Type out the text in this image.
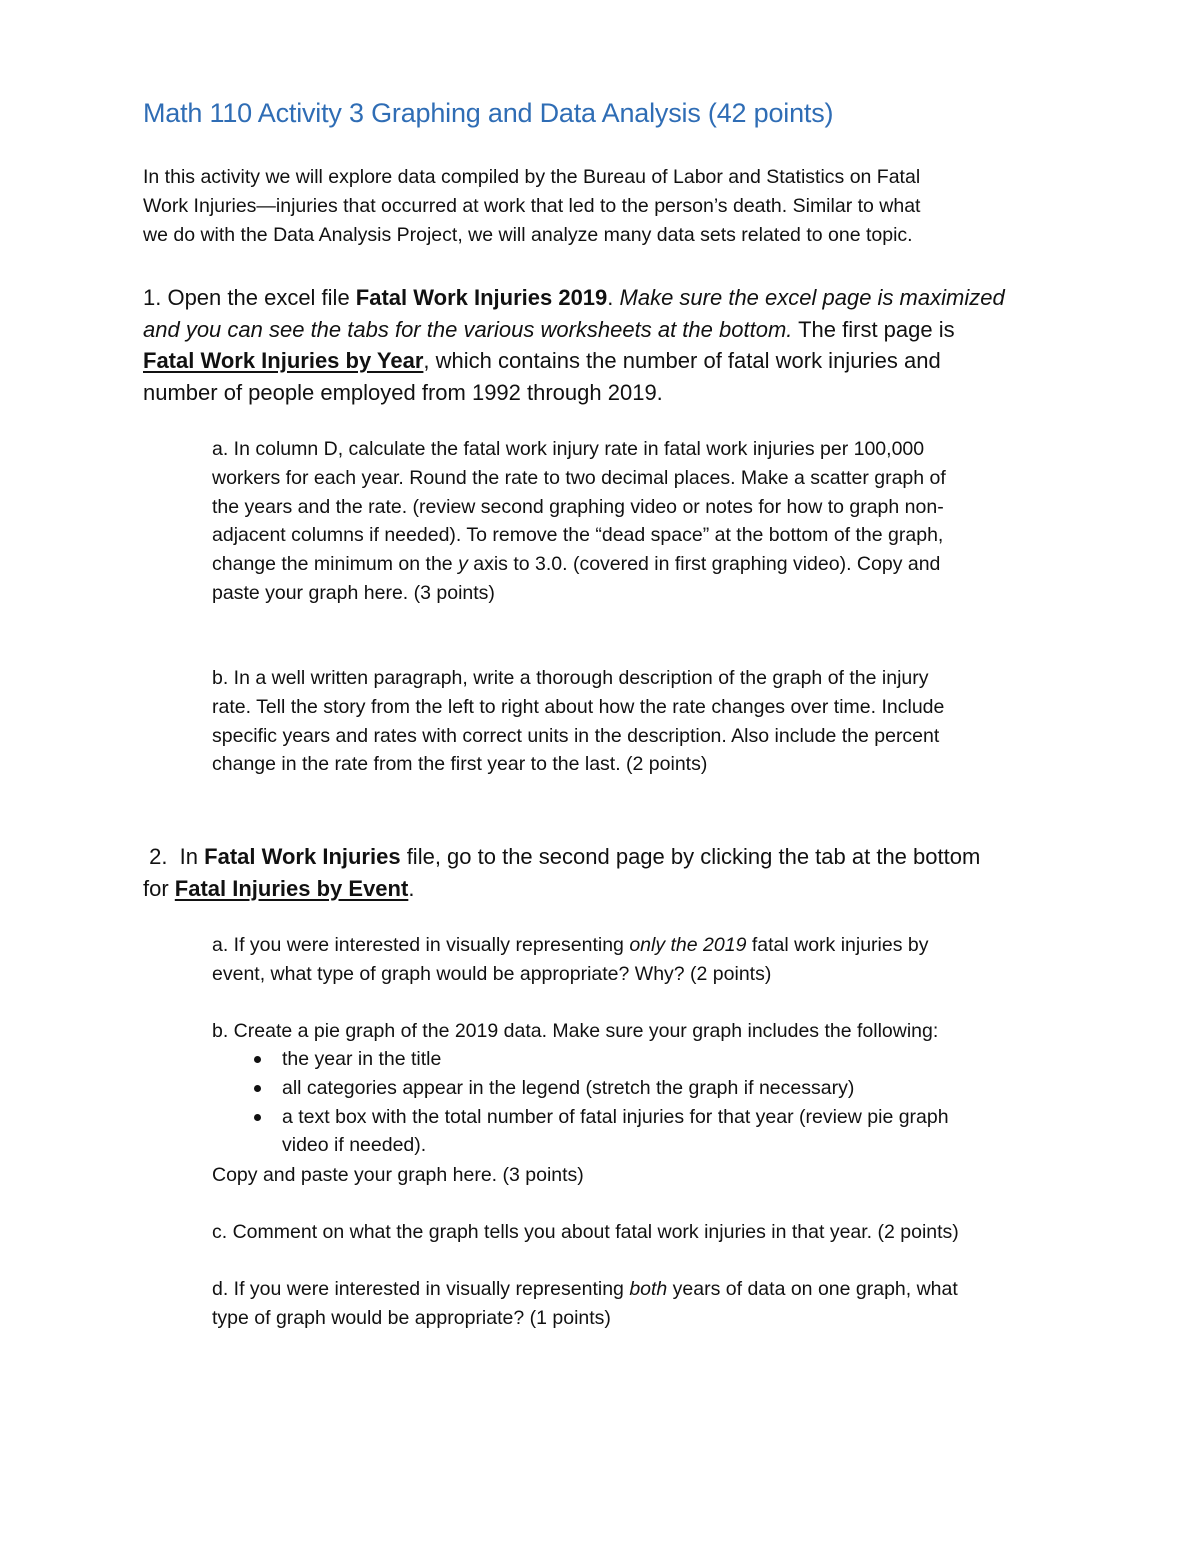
Math 110 Activity 3 Graphing and Data Analysis (42 points)
In this activity we will explore data compiled by the Bureau of Labor and Statistics on Fatal
Work Injuries—injuries that occurred at work that led to the person’s death. Similar to what
we do with the Data Analysis Project, we will analyze many data sets related to one topic.
1. Open the excel file Fatal Work Injuries 2019. Make sure the excel page is maximized
and you can see the tabs for the various worksheets at the bottom. The first page is
Fatal Work Injuries by Year, which contains the number of fatal work injuries and
number of people employed from 1992 through 2019.
a. In column D, calculate the fatal work injury rate in fatal work injuries per 100,000
workers for each year. Round the rate to two decimal places. Make a scatter graph of
the years and the rate. (review second graphing video or notes for how to graph non-
adjacent columns if needed). To remove the “dead space” at the bottom of the graph,
change the minimum on the y axis to 3.0. (covered in first graphing video). Copy and
paste your graph here. (3 points)
b. In a well written paragraph, write a thorough description of the graph of the injury
rate. Tell the story from the left to right about how the rate changes over time. Include
specific years and rates with correct units in the description. Also include the percent
change in the rate from the first year to the last. (2 points)
2.  In Fatal Work Injuries file, go to the second page by clicking the tab at the bottom
for Fatal Injuries by Event.
a. If you were interested in visually representing only the 2019 fatal work injuries by
event, what type of graph would be appropriate? Why? (2 points)
b. Create a pie graph of the 2019 data. Make sure your graph includes the following:
the year in the title
all categories appear in the legend (stretch the graph if necessary)
a text box with the total number of fatal injuries for that year (review pie graph
video if needed).
Copy and paste your graph here. (3 points)
c. Comment on what the graph tells you about fatal work injuries in that year. (2 points)
d. If you were interested in visually representing both years of data on one graph, what
type of graph would be appropriate? (1 points)
